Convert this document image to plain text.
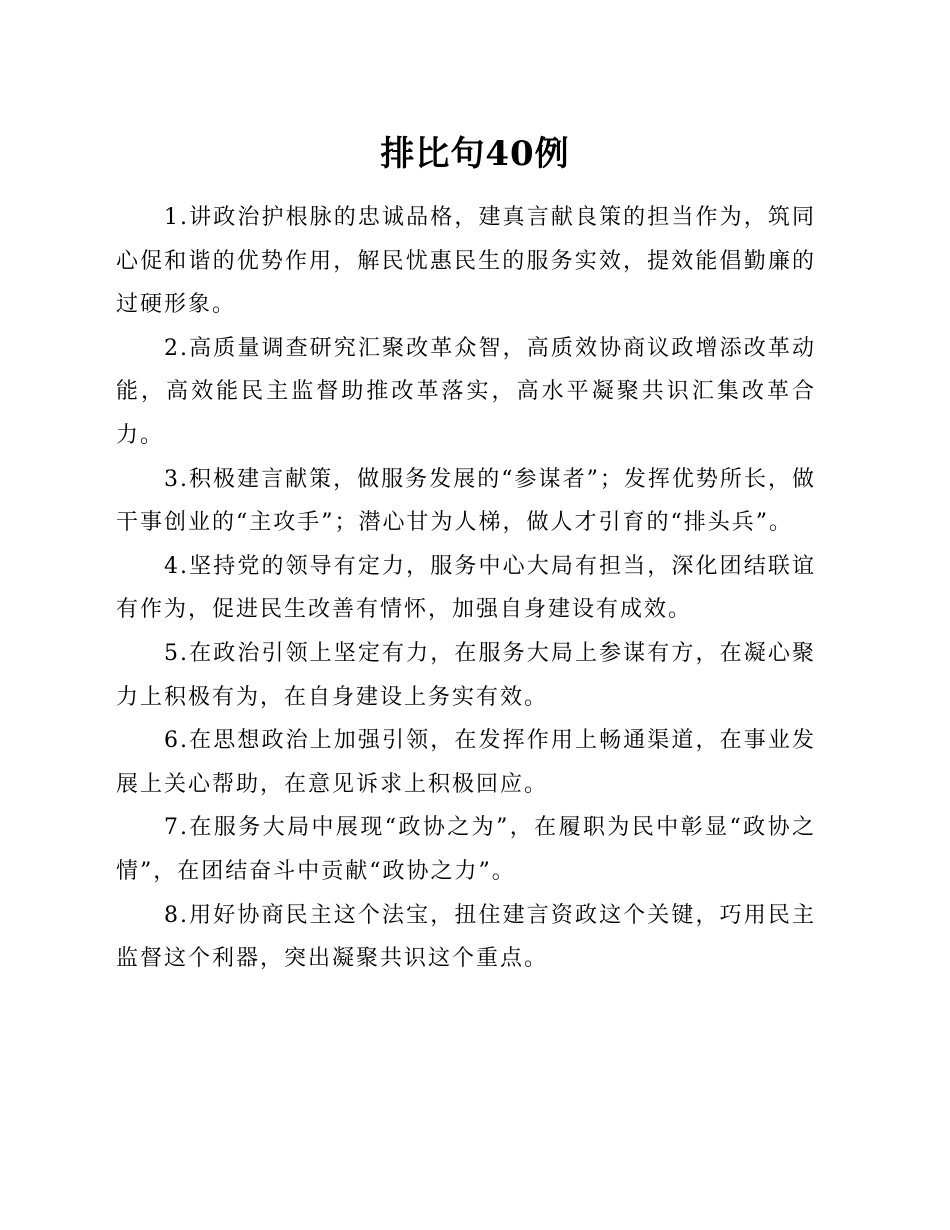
排比句40例

1.讲政治护根脉的忠诚品格，建真言献良策的担当作为，筑同心促和谐的优势作用，解民忧惠民生的服务实效，提效能倡勤廉的过硬形象。

2.高质量调查研究汇聚改革众智，高质效协商议政增添改革动能，高效能民主监督助推改革落实，高水平凝聚共识汇集改革合力。

3.积极建言献策，做服务发展的“参谋者”；发挥优势所长，做干事创业的“主攻手”；潜心甘为人梯，做人才引育的“排头兵”。

4.坚持党的领导有定力，服务中心大局有担当，深化团结联谊有作为，促进民生改善有情怀，加强自身建设有成效。

5.在政治引领上坚定有力，在服务大局上参谋有方，在凝心聚力上积极有为，在自身建设上务实有效。

6.在思想政治上加强引领，在发挥作用上畅通渠道，在事业发展上关心帮助，在意见诉求上积极回应。

7.在服务大局中展现“政协之为”，在履职为民中彰显“政协之情”，在团结奋斗中贡献“政协之力”。

8.用好协商民主这个法宝，扭住建言资政这个关键，巧用民主监督这个利器，突出凝聚共识这个重点。
